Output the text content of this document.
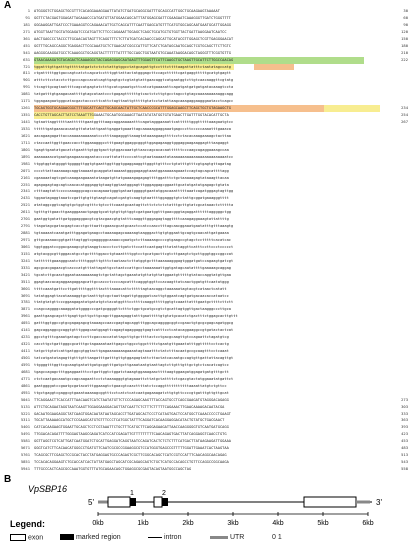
A	1 ATGGGGTCTGGAGCTGCGTTTCACAGGAAAGGAATTATATCTGATGCAGGCGATTTGCAGCCATTGGCTGCAAGAAGTAAAAAT	30
91 GGTTCTACGAGTGGAGATTAGAAACCCATGATGTTATGGAACAGCATTTATGGAGCGATTCGAAGAATCAAAGGGTTGATCTGGGTTTT	60
181 GGGAAGGATTGATCCCTGAAAGGTCCAGAAACATTGCTCAGCATTTCAATTGAGCATGTTTCATGTGGCAGCAATGAATGCATTGGAGG	90
271 ATGGTTAATTGGTATGGAGATCCCATGATTCTTCCCAGAAATTGGAGCTCAGCTGCATGCTGTGGTTACTGATTAAGGAATCAATCC	120
361 AACTGAGCCCTACCCTTGCAACAGTAGTTTCAGGTTTCTCTTATGATCACAACCCAGCATTGCATACGTTGGAGCTCGTTGAGGGAACAT	150
451 GGTTTGCAGCCAGGCTGAGGACTTCGCAAATGCTCTGAACATCGGCCATTGTTCATCTGATAGCAATGCAGCTCGTGCAGCTTCTTGTC	180
541 AAGGGCAAGGATGCCTCAAAGGCTGCAGGTACTTTTTTATTTTGCCAGCTGGTAATGTGCAAATAAGGACAGCTAGGGTTTCGGTGTTG	210
631 GTAACAAAGATGTACAGACTCAAAAGGCTACCAGAGGAGCAATAAGTTTGGAGTTCATTCAAGCTGCTAAGTTGCATTCTTGGCCAACAG	222
721 tggatttgttgatttgtttttatgatctctctctattgtggcctatgcagattgtcctttcttttaagattatttctaatatagccatg
811 ctgatttttggtgaccagtcatctcagcatcctttggttattactatgggagcttccagctttttcgatgaggtttttgcatgtgagtt
901 atttcttcctacctcttgcccagccacatcagttgagtgctcgtatgtattgaacaggtcatgaatggtcttgtcaacaaggttcgtatg
991 ttcagttgcagtaattttcagcatgagtatctttgcatcgaaatgcttcatcatgaaaaattcagatgatgatgatgatacaaagtccta
1081 tatgatttgtgaagacaattttgtagcataatccctgagagttttttgtcactctcttgtgcctagcctgtagcaaaaaaaaaaggcagg
1171 tggagaagaatgggcatacgactaccccttcattctagttaattgtttttgtatcctatattaagcaaagaggaagggaatacctcagcc
1261 TGCAGTGGTGCAGAACGGCTTTGGCATTCAGTTGCAGCAACTATTGCTCAACCCGCATTTGGAGCAAGCTTCAGCTGCTGTAGAAGCTG	234
1351 CACCTGTTAGCACTTATCCTAAATTTGGAAACTGCAATGGGAAAGTTAATATATATGGTGTATGAACTTGATTTGGTACACATTGCTA	254
1441 tgtaattaggtttttaattttttgaatggtttaagcaggaaaaaatttcagatagggaaaattcattttttgggtttttaaagaatgtcc	267
1531 ttttttgatgaaacacaatgttatatattgaattgaggatgaaattagcaaaaaggaggaaatgagcccttcccccaaaatttgaaaca
1621 aacagaagagattaccaaaaaaaaaaaatccctttaagagggttaaagtataaaagaagttttcctctacacaaagaaaagctacttaa
1711 ctaccaattggttgaaccaccttggaaagggcctttgaagtggaggcgggttggagagaaggtgggaggaagaaggagtttaagaggt
1801 tgagttgaatatgacatctgaatttgtggtgacttgtggacaaatgttaaccagcacacaattttttcccaagcagaggaaaagccaa
1891 aaaaaaaacatgaatgaagaaacagaataccccattatattccccattcgtaataaaaatataaaaaaaaaaaaaaaaaaaaaaaaatcc
1981 ttggtggtatggggttgggggttggtgtgaattggttggtggaggaaggttgggttgtttcctgtatttgtttcgtgagtgttagatag
2071 ccccttattaaaaaagcaggtaaaaatgcaggatataaaaatggggagaggtaaatggaaaaaagaaatccagtagcagcattttagg
2161 cgaaaaatagtcgatcaaagaagaaaatataagatgttatgaaaagagagagttttggatttctgctaaaaagagtataaagttacaa
2251 agagagagtagcagtcaacacatgggaggtgtaagtggtaatgggagtttgggaggagcggaattgcatatgatatgagagctgtata
2341 ctttaagtattcccccaaagggcagccacagaaatgggtgataatgggggtgaatatggacaaatttttaaatcagatgggagtagttgg
2431 tggaatagaggtaaatccgattgtgttgtaagtcagatcgatgtcaagtgtaattttggagggtgtctattgcggatgaaagggtttt
2521 atataggcggtcagtgtgctggtcgtttctgtccttcaaatgcaatagttcttctctctctatttgcttgtatcgcataaactcttttta
2611 tgtttgttgaacttgaagggaaactgaggtgcattgtgttgttggtcgatgaatggtttgaacgggtagaggattttttagggggctgg
2701 gaatggtgatattgatgggagggacgtcgtacgaacgtgtatttcaaggttgggagagtaggttttcaaagaggaaagtattattttg
2791 ttagatagcgatacgagtcacctgcttaattcgaaacgcatgcaactccatccaacctttagcaacggaaatgaatatttgtttaaagtg
2881 tgtaaaaatcaaatgatttggagatgaagcctaaaaagagcaaaaagtaagggacttgtgtggaattgcagtgcaacattgatgaaaa
2971 gttgcaaaaacggtgatttagtggtcgagggggcaaaaccgaatgctcttaaaaagccccgtgaagccgtagctcctttttcacatcac
3061 tggtgggatccggacgaaagcgtgtaaggtcaccctccttgatcttccattcaatgagtttatattaggttcatttccttccctccccct
3151 atgtacggcgttgggacatgcctgcttttggacctgtaaattttggtcctgcatgacttcgtcttgaagtctgcttgggtggccggccat
3241 tattttttgaaagggcaatcttttgggtttgtttctaataactcttatggtgctttaaaaaagggagtgggatgatccagaagtgatcgt
3331 agcgcacgagaacgtcacccatgtttattagattgcctaatccattgcctaaaaaaattggtgatagcaatattttgaaaaagcaggag
3421 tgcatcttgcaactggaataaaaaaaaagtctgctattagctgaaatatgttatgttatggaatgtttttgtataccaggtatgttgaa
3511 ggagtaacacagaggaagaggagcattgccaccctccccagcatttcagggtggttccacaagttatcaactggatgttcaatatggg
3601 ttttcaaatgattccttgatttttggttttactttaaaacattctttttagtaacaggctaaaaaatagtacgtcataactcatatt
3691 tatatggagttacataaaaggtgctaatttgtcgctaattagattgtggggatcacttgtggaatcagtgatgacaacaccataatcc
3781 ttatgtatgttcccggaagagatatgatatgtctacatggtttccttttcaaggtttttggtgtcaaattatttgaatgcttttcttctt
3871 ccagccaggggcaaaggatatggggcccgatgcggggttctttctggctgcatgccgtctgcattagtggttgactaagggcccttgca
3961 gaattgaagcagctttgagttgcttgcttgcagcttggaagaggtatttgaatttttgtgtatgcacatctgactttctggagcacttgttt
4051 gatttggtggccgtgcgagagagcgtaaaagccaaccgagtagcaggtttggcagcaggggcggtccgaactgtgcgcgagcagatggcg
4141 gagcaggaggcgcaggtgtttggagcaatggagttcagagtagaggaggtgagtcatttcctcatacaggaaggccgtgatactactcat
4231 ggcctgtttcgaaatgatagctccttcgaccaccatattagcttgtgcttttactcctgacgcaagttgtccagaattctagatgtcg
4321 caccttgctgattgggcgcatttgctagaaaataattgagcctggcctggcttttctgaatgttgaaatatttggtttttcctcactg
4411 tatgcttgtatcattgatggcgtggtacttgagaaaaaaaagaaaatagtaaatttctatctttacaatgccgcaagtttcctcaaat
4501 tatcatgatatagagttgtttgtttaagatttgatttgttgtggagagtattcttactatcacaatgccagtgttgattattacagttgt
4591 ttggggtttggttcgcaagtgatattgatgcggtttgatgcttgaaataatgtaattagtcttgtttgttgctgtctcacatcagtcc
4681 tgagccagagctttggaggaatttcctgattggtctggatctaaagtggaaagaacttttaagtggaagatggagatgatgtttgctt
4771 ctctcaatgacaaatgccagcaagaattcctctaaaagggtgtagaaattcttatgctattttctcgacgtactatggaaatatgattct
4861 gaatggggatccgaatgcgatacatttggaaagtctgaacgtcaacttttatctccaggtttttttttttaaaattatgtctgttcc
4951 ttgctgaggtcgaggcgtgaaataaaaagcggtttcctcatctcatcaatgagaaagatcttgtgttccccgtgatttgttgttgcat
5041 TTCAGGAACTTCACCATTTAACAAGTCATCTAATATGTTCTCCCAGAGCAAGTTTACCAGTGCCTCAGCGAAGATGTAGGGACAGAGG	273
5131 ATTCTGCAGAATAGGTAATCAAGTTGGAGGAAGGACAGTTATCAATTCTCTTTCTTTTTCAGAAACTTGAACAAAAGACAATACGA	303
5221 GACAATGGAAGAGGCTATCAAGTGGACAATATAATAGCACCTTGATAGCACTCCCTCATAGTGACTCCATGGCTCAAACCCCCTGAAGT	333
5311 TGCATTAAAAAGCATGCTCCGAAGCATGTGTTTCCCTCATGGCTATTTCAGGATCACAAGGAGGACATACTGTATGCTGACGAACT	363
5401 CATCACAAGAAGTGGAATTGCAGCTCCTCGTAAATTCTGCTTTCATGCTTCAGGAGAAGATTAACCAAGGGGGTGTCAATGATGCAGG	393
5491 TTGGACACAGATTTTGGGAGTAAGCGAGATCATCCATCGAGATTGTTTTTTTTTCAACAGAGTGACTTATCAGGAGGTCAACCTGTG	423
5581 GGTTAGGTCGTCATTGATCAATGGATCTGCATTGAGGATCAGGTAATCCAGATCACTCTCTCTTTCATGACTTATAAGAAGATTGGAAA	453
5671 GGGTCATCTTCACAACATGGGCCTGATGTTCAATCGCGCCGGAAGGCGTCCATGGGTGAGCCGTTTTTGGATTGAAATCACTAAGTAA	483
5761 TCAGCGCTTCGAGCTCCGCACTACCTATGAGGAGTGCCCAGAGTCGCTTCGGCACAGCTCATCCGTCCATTTCAACAGGCAACAGAG	513
5851 TCCACACAGGAAGTCTGCACCATCACTATTATGAGCTAGCATCGCAGAGCAGTCTGCTCATGCCACAGCCTGTTCCAGGCCGGCAAGA	543
5941 TTTGCCCACTCAGCGCCAAATGGTGTTTATGCAGAACAGCTGGAGGCGCGAGTACAGTAATGGCCAGCTAG	558
B
VpSBP16
5'	3'
1	2
0kb	1kb	2kb	3kb	4kb	5kb	6kb
Legend:
exon	marked region	intron	UTR	0 1
